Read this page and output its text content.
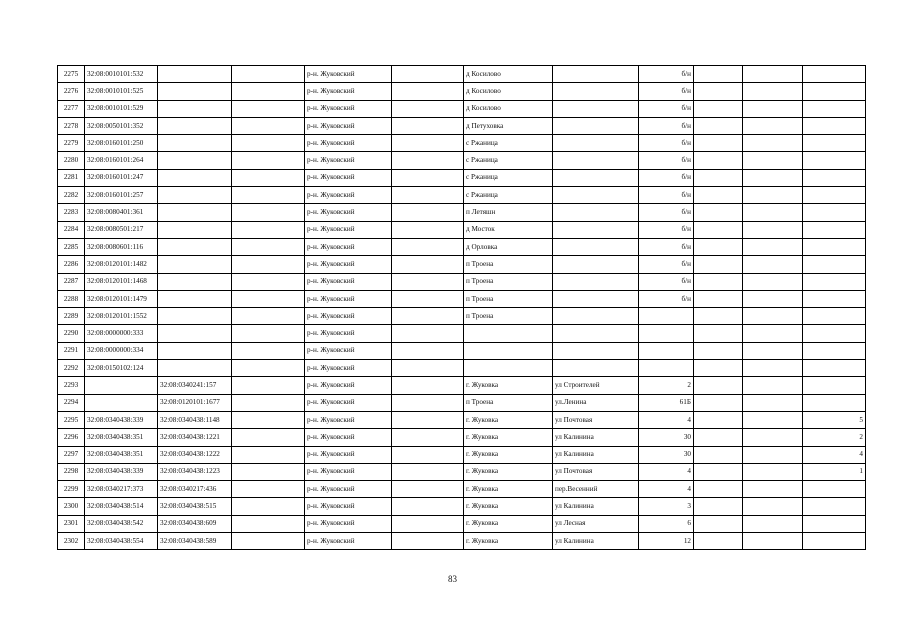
2275	32:08:0010101:532			р-н. Жуковский		д Косилово		б/н			
2276	32:08:0010101:525			р-н. Жуковский		д Косилово		б/н			
2277	32:08:0010101:529			р-н. Жуковский		д Косилово		б/н			
2278	32:08:0050101:352			р-н. Жуковский		д Петуховка		б/н			
2279	32:08:0160101:250			р-н. Жуковский		с Ржаница		б/н			
2280	32:08:0160101:264			р-н. Жуковский		с Ржаница		б/н			
2281	32:08:0160101:247			р-н. Жуковский		с Ржаница		б/н			
2282	32:08:0160101:257			р-н. Жуковский		с Ржаница		б/н			
2283	32:08:0080401:361			р-н. Жуковский		п Летяшн		б/н			
2284	32:08:0080501:217			р-н. Жуковский		д Мосток		б/н			
2285	32:08:0080601:116			р-н. Жуковский		д Орловка		б/н			
2286	32:08:0120101:1482			р-н. Жуковский		п Троена		б/н			
2287	32:08:0120101:1468			р-н. Жуковский		п Троена		б/н			
2288	32:08:0120101:1479			р-н. Жуковский		п Троена		б/н			
2289	32:08:0120101:1552			р-н. Жуковский		п Троена					
2290	32:08:0000000:333			р-н. Жуковский							
2291	32:08:0000000:334			р-н. Жуковский							
2292	32:08:0150102:124			р-н. Жуковский							
2293		32:08:0340241:157		р-н. Жуковский		г. Жуковка	ул Строителей	2			
2294		32:08:0120101:1677		р-н. Жуковский		п Троена	ул.Ленина	61Б			
2295	32:08:0340438:339	32:08:0340438:1148		р-н. Жуковский		г. Жуковка	ул Почтовая	4			5
2296	32:08:0340438:351	32:08:0340438:1221		р-н. Жуковский		г. Жуковка	ул Калинина	30			2
2297	32:08:0340438:351	32:08:0340438:1222		р-н. Жуковский		г. Жуковка	ул Калинина	30			4
2298	32:08:0340438:339	32:08:0340438:1223		р-н. Жуковский		г. Жуковка	ул Почтовая	4			1
2299	32:08:0340217:373	32:08:0340217:436		р-н. Жуковский		г. Жуковка	пер.Весенний	4			
2300	32:08:0340438:514	32:08:0340438:515		р-н. Жуковский		г. Жуковка	ул Калинина	3			
2301	32:08:0340438:542	32:08:0340438:609		р-н. Жуковский		г. Жуковка	ул Лесная	6			
2302	32:08:0340438:554	32:08:0340438:589		р-н. Жуковский		г. Жуковка	ул Калинина	12			
83
